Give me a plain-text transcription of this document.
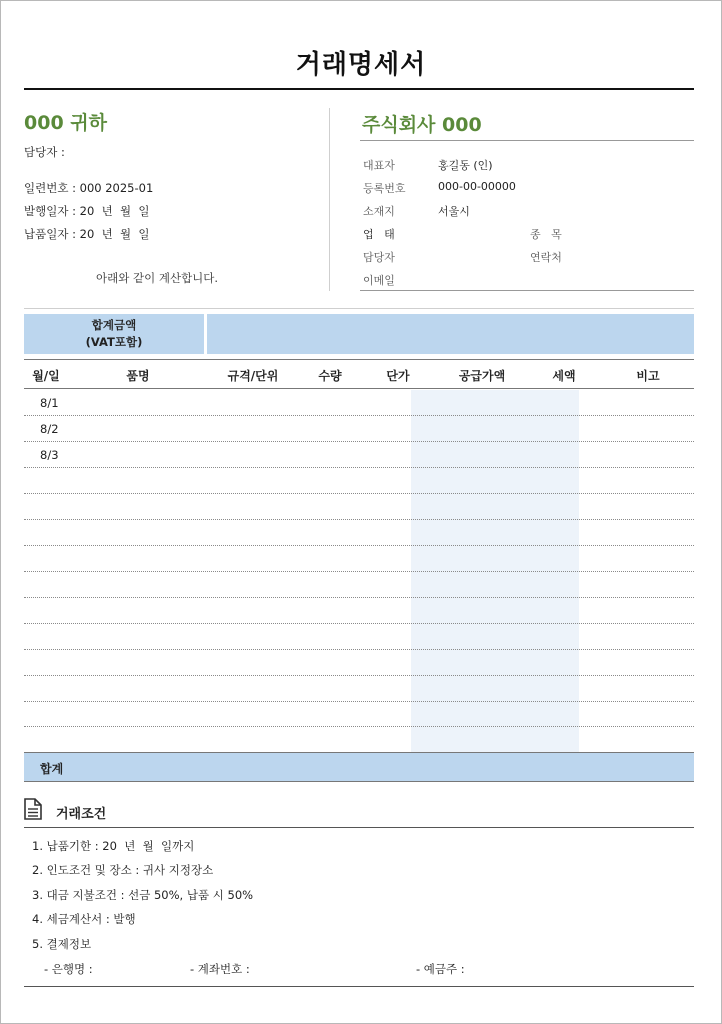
거래명세서
000 귀하
담당자 :
일련번호 : 000 2025-01
발행일자 : 20  년  월  일
납품일자 : 20  년  월  일
아래와 같이 계산합니다.
주식회사 000
대표자	홍길동 (인)
등록번호	000-00-00000
소재지	서울시
업   태	종   목
담당자	연락처
이메일
합계금액
(VAT포함)
월/일	품명	규격/단위	수량	단가	공급가액	세액	비고
8/1
8/2
8/3
합계
거래조건
1. 납품기한 : 20  년  월  일까지
2. 인도조건 및 장소 : 귀사 지정장소
3. 대금 지불조건 : 선금 50%, 납품 시 50%
4. 세금계산서 : 발행
5. 결제정보
- 은행명 :	- 계좌번호 :	- 예금주 :
